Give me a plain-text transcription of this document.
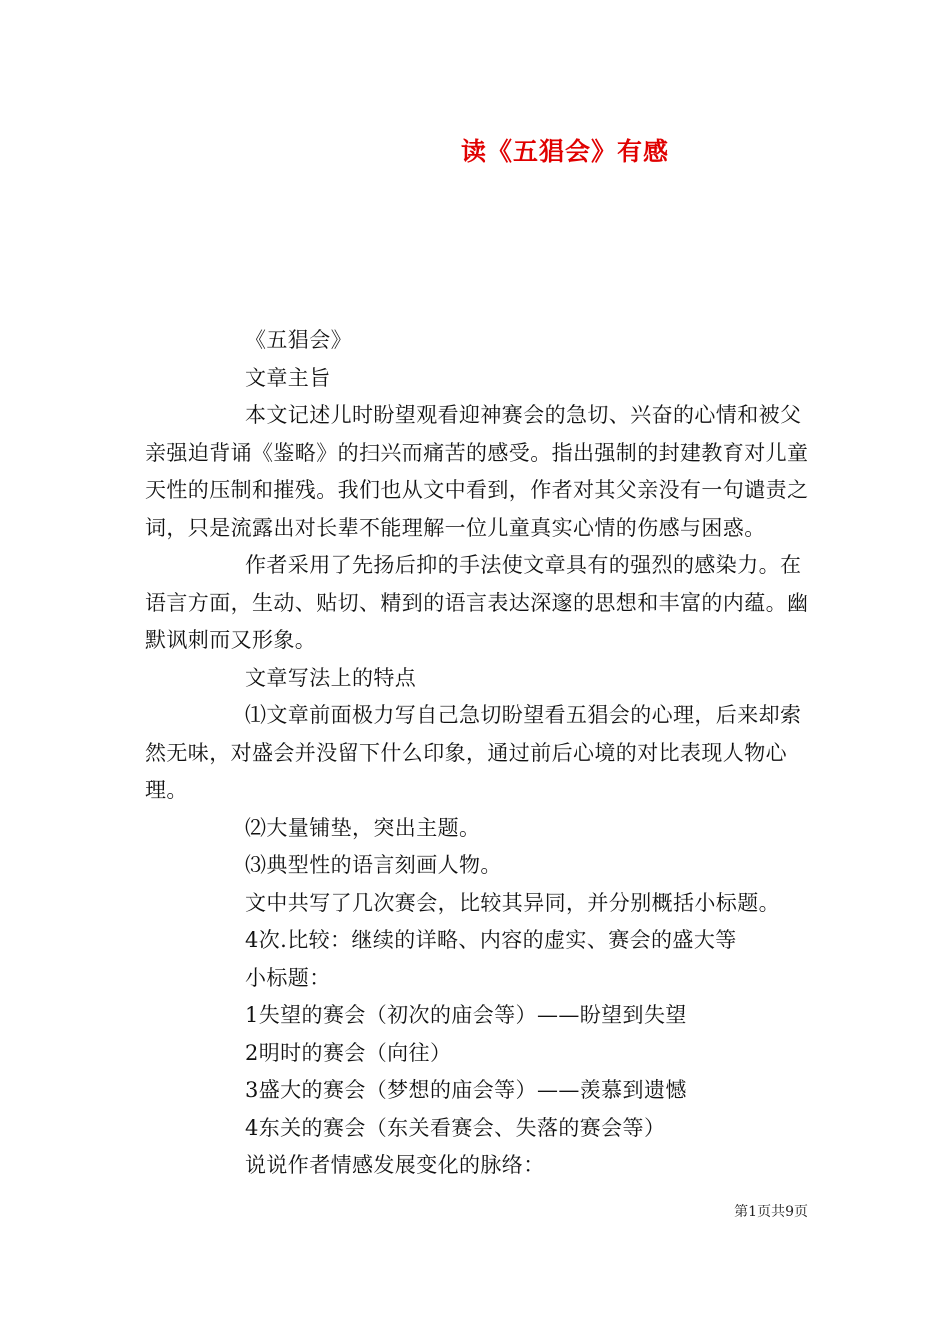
读《五猖会》有感

《五猖会》

文章主旨

本文记述儿时盼望观看迎神赛会的急切、兴奋的心情和被父亲强迫背诵《鉴略》的扫兴而痛苦的感受。指出强制的封建教育对儿童天性的压制和摧残。我们也从文中看到，作者对其父亲没有一句谴责之词，只是流露出对长辈不能理解一位儿童真实心情的伤感与困惑。

作者采用了先扬后抑的手法使文章具有的强烈的感染力。在语言方面，生动、贴切、精到的语言表达深邃的思想和丰富的内蕴。幽默讽刺而又形象。

文章写法上的特点

⑴文章前面极力写自己急切盼望看五猖会的心理，后来却索然无味，对盛会并没留下什么印象，通过前后心境的对比表现人物心理。

⑵大量铺垫，突出主题。

⑶典型性的语言刻画人物。

文中共写了几次赛会，比较其异同，并分别概括小标题。

4次.比较：继续的详略、内容的虚实、赛会的盛大等

小标题：

1失望的赛会（初次的庙会等）——盼望到失望

2明时的赛会（向往）

3盛大的赛会（梦想的庙会等）——羡慕到遗憾

4东关的赛会（东关看赛会、失落的赛会等）

说说作者情感发展变化的脉络：

第1页共9页
